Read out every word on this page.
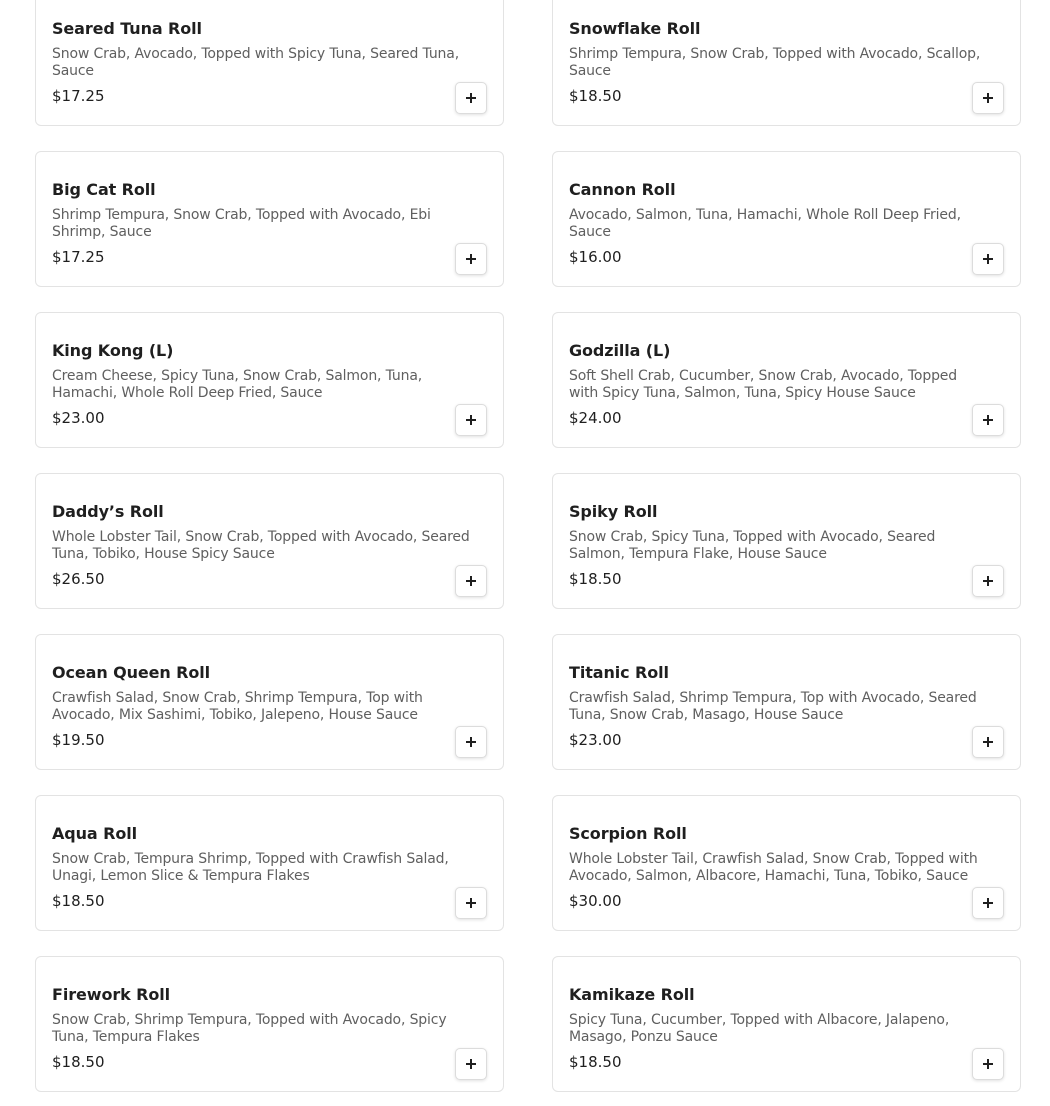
Seared Tuna Roll
Snow Crab, Avocado, Topped with Spicy Tuna, Seared Tuna, Sauce
$17.25
Snowflake Roll
Shrimp Tempura, Snow Crab, Topped with Avocado, Scallop, Sauce
$18.50
Big Cat Roll
Shrimp Tempura, Snow Crab, Topped with Avocado, Ebi Shrimp, Sauce
$17.25
Cannon Roll
Avocado, Salmon, Tuna, Hamachi, Whole Roll Deep Fried, Sauce
$16.00
King Kong (L)
Cream Cheese, Spicy Tuna, Snow Crab, Salmon, Tuna, Hamachi, Whole Roll Deep Fried, Sauce
$23.00
Godzilla (L)
Soft Shell Crab, Cucumber, Snow Crab, Avocado, Topped with Spicy Tuna, Salmon, Tuna, Spicy House Sauce
$24.00
Daddy’s Roll
Whole Lobster Tail, Snow Crab, Topped with Avocado, Seared Tuna, Tobiko, House Spicy Sauce
$26.50
Spiky Roll
Snow Crab, Spicy Tuna, Topped with Avocado, Seared Salmon, Tempura Flake, House Sauce
$18.50
Ocean Queen Roll
Crawfish Salad, Snow Crab, Shrimp Tempura, Top with Avocado, Mix Sashimi, Tobiko, Jalepeno, House Sauce
$19.50
Titanic Roll
Crawfish Salad, Shrimp Tempura, Top with Avocado, Seared Tuna, Snow Crab, Masago, House Sauce
$23.00
Aqua Roll
Snow Crab, Tempura Shrimp, Topped with Crawfish Salad, Unagi, Lemon Slice & Tempura Flakes
$18.50
Scorpion Roll
Whole Lobster Tail, Crawfish Salad, Snow Crab, Topped with Avocado, Salmon, Albacore, Hamachi, Tuna, Tobiko, Sauce
$30.00
Firework Roll
Snow Crab, Shrimp Tempura, Topped with Avocado, Spicy Tuna, Tempura Flakes
$18.50
Kamikaze Roll
Spicy Tuna, Cucumber, Topped with Albacore, Jalapeno, Masago, Ponzu Sauce
$18.50
